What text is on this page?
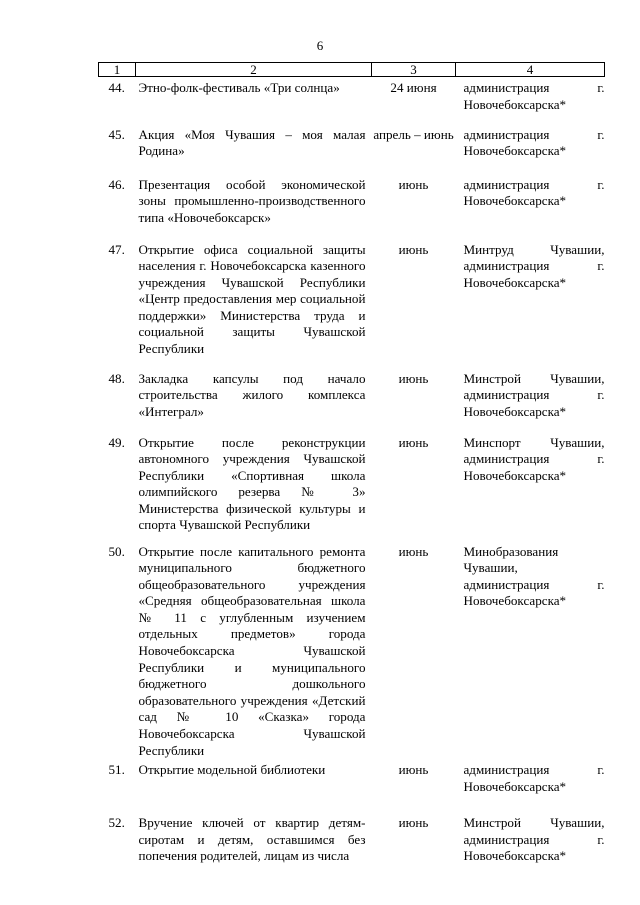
6
1	2	3	4
44.	Этно-фолк-фестиваль «Три солнца»	24 июня	администрация г. Новочебоксарска*
45.	Акция «Моя Чувашия – моя малая Родина»	апрель – июнь	администрация г. Новочебоксарска*
46.	Презентация особой экономической зоны промышленно-производственного типа «Новочебоксарск»	июнь	администрация г. Новочебоксарска*
47.	Открытие офиса социальной защиты населения г. Новочебоксарска казенного учреждения Чувашской Республики «Центр предоставления мер социальной поддержки» Министерства труда и социальной защиты Чувашской Республики	июнь	Минтруд Чувашии, администрация г. Новочебоксарска*
48.	Закладка капсулы под начало строительства жилого комплекса «Интеграл»	июнь	Минстрой Чувашии, администрация г. Новочебоксарска*
49.	Открытие после реконструкции автономного учреждения Чувашской Республики «Спортивная школа олимпийского резерва № 3» Министерства физической культуры и спорта Чувашской Республики	июнь	Минспорт Чувашии, администрация г. Новочебоксарска*
50.	Открытие после капитального ремонта муниципального бюджетного общеобразовательного учреждения «Средняя общеобразовательная школа № 11 с углубленным изучением отдельных предметов» города Новочебоксарска Чувашской Республики и муниципального бюджетного дошкольного образовательного учреждения «Детский сад № 10 «Сказка» города Новочебоксарска Чувашской Республики	июнь	Минобразования Чувашии, администрация г. Новочебоксарска*
51.	Открытие модельной библиотеки	июнь	администрация г. Новочебоксарска*
52.	Вручение ключей от квартир детям-сиротам и детям, оставшимся без попечения родителей, лицам из числа	июнь	Минстрой Чувашии, администрация г. Новочебоксарска*
